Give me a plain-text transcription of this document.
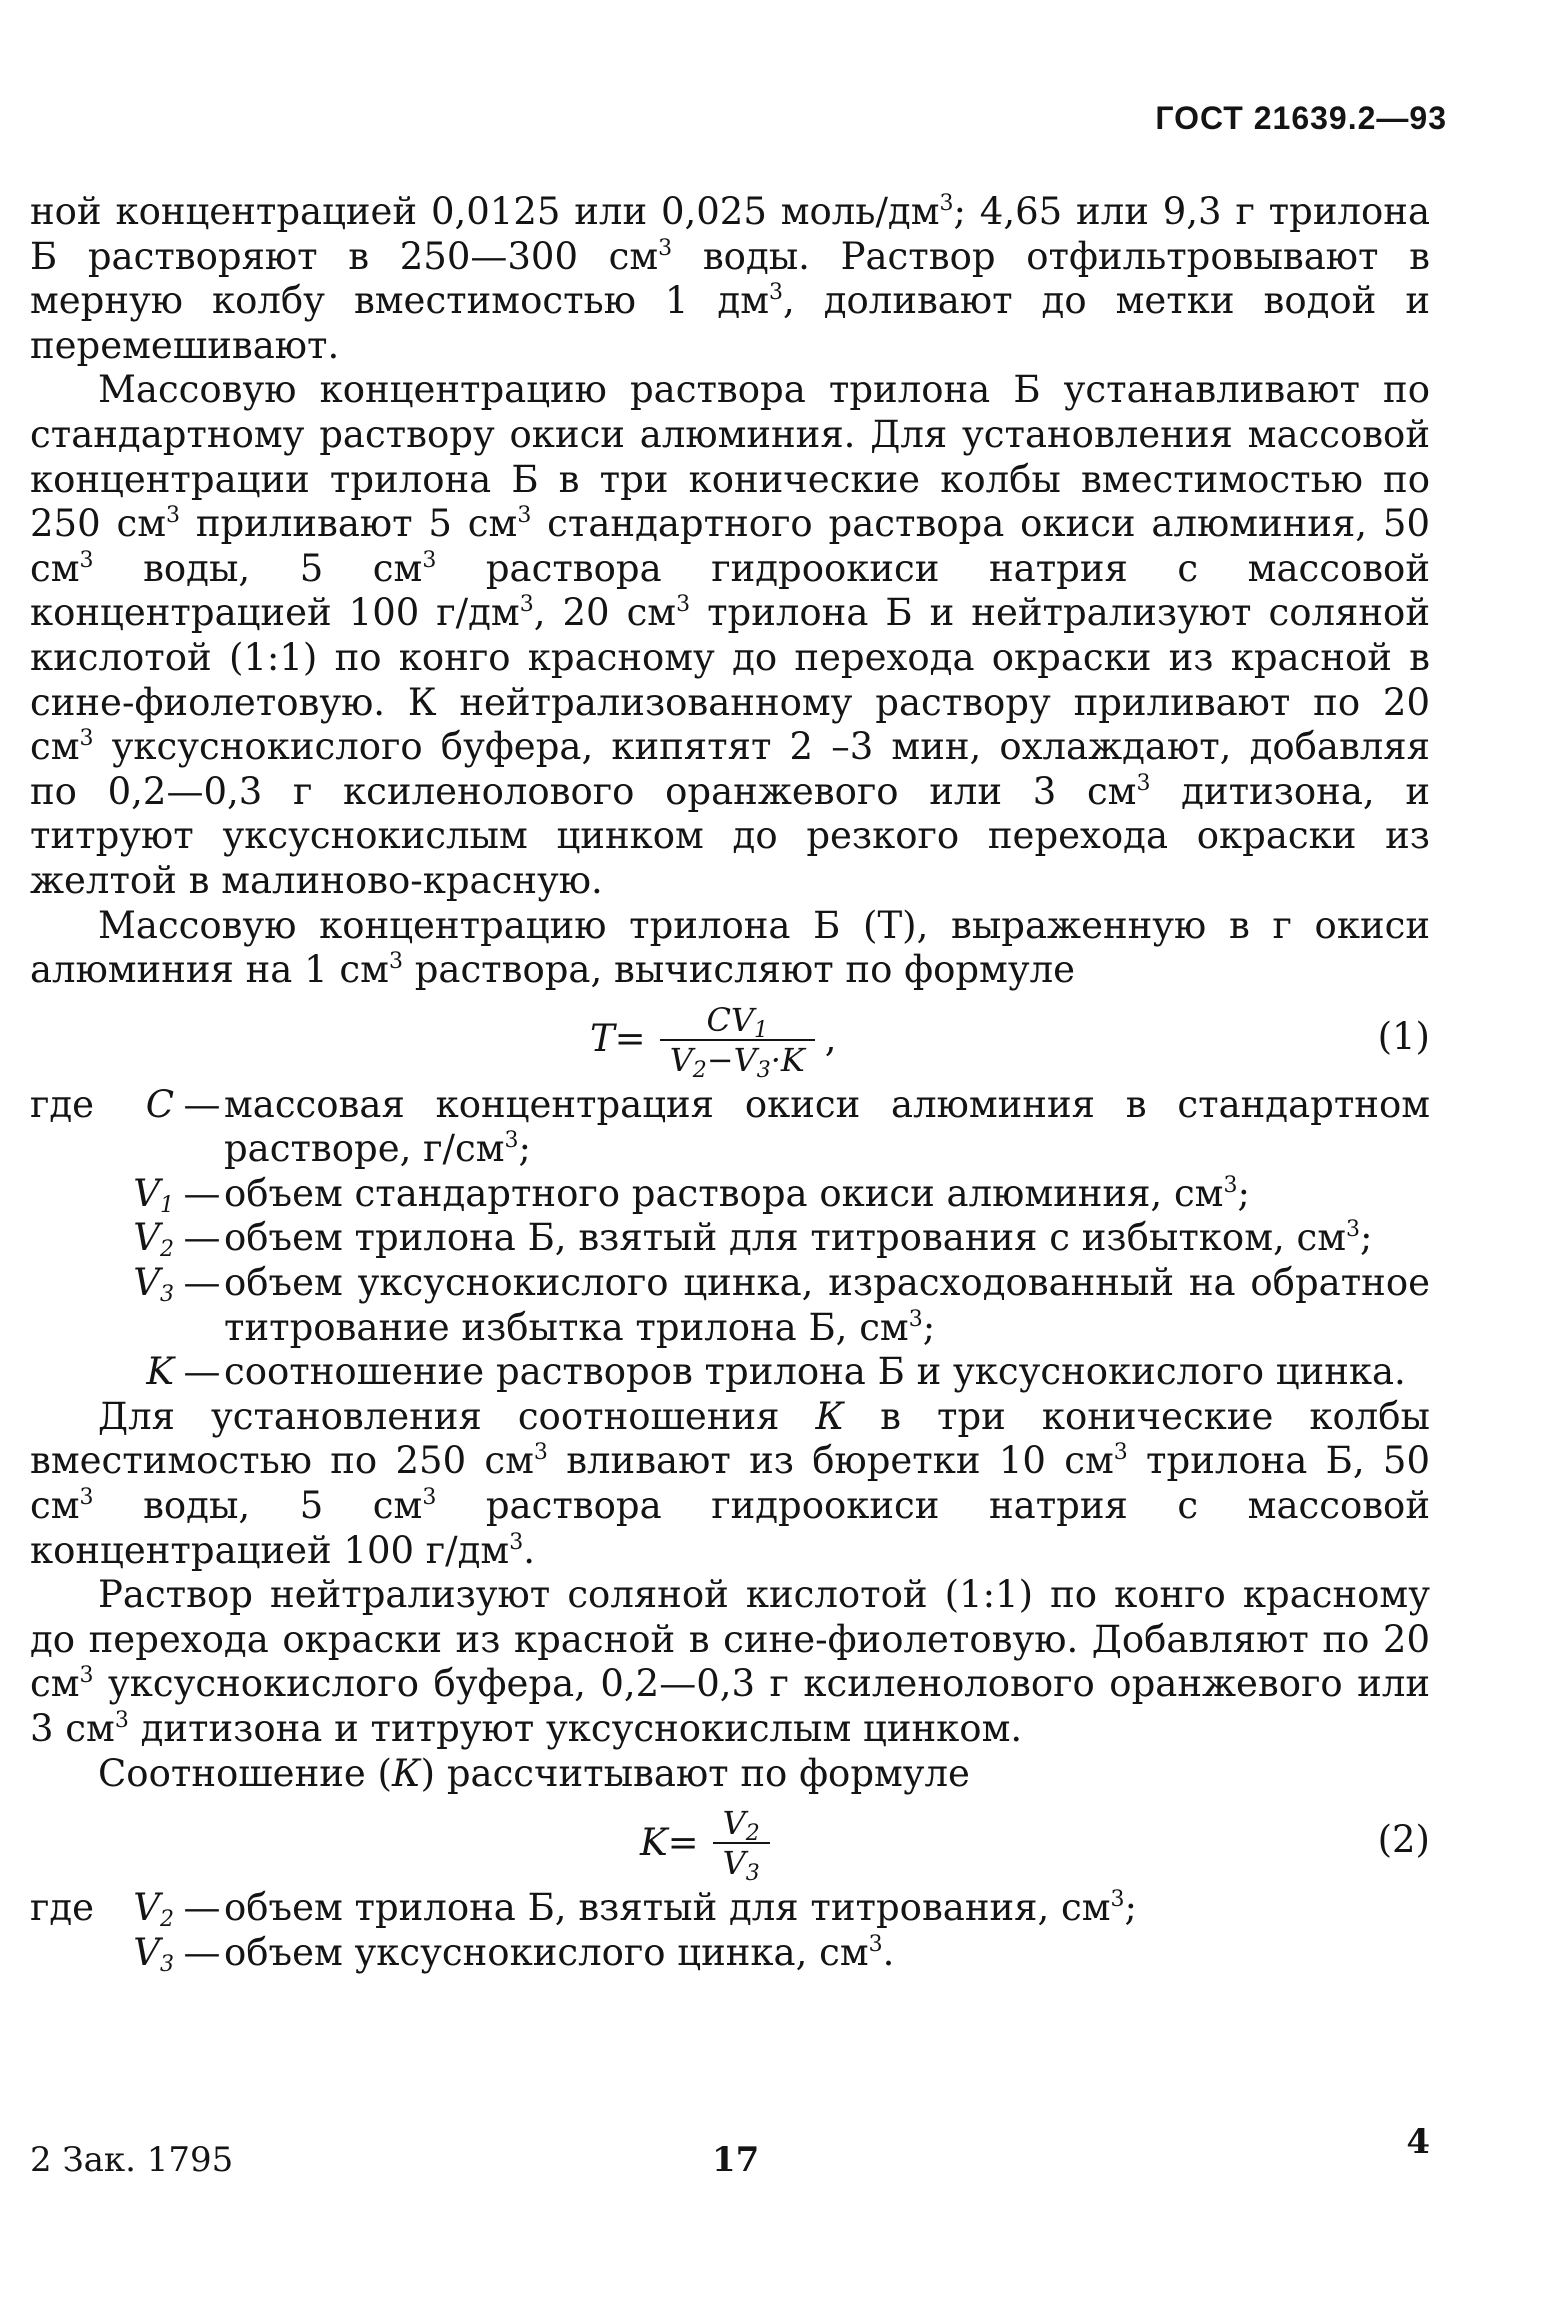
ГОСТ 21639.2—93

ной концентрацией 0,0125 или 0,025 моль/$дм^3$; 4,65 или 9,3 г трилона Б растворяют в 250—300 $см^3$ воды. Раствор отфильтровывают в мерную колбу вместимостью 1 $дм^3$, доливают до метки водой и перемешивают.

Массовую концентрацию раствора трилона Б устанавливают по стандартному раствору окиси алюминия. Для установления массовой концентрации трилона Б в три конические колбы вместимостью по 250 $см^3$ приливают 5 $см^3$ стандартного раствора окиси алюминия, 50 $см^3$ воды, 5 $см^3$ раствора гидроокиси натрия с массовой концентрацией 100 $г/дм^3$, 20 $см^3$ трилона Б и нейтрализуют соляной кислотой (1:1) по конго красному до перехода окраски из красной в сине-фиолетовую. К нейтрализованному раствору приливают по 20 $см^3$ уксуснокислого буфера, кипятят 2 –3 мин, охлаждают, добавляя по 0,2—0,3 г ксиленолового оранжевого или 3 $см^3$ дитизона, и титруют уксуснокислым цинком до резкого перехода окраски из желтой в малиново-красную.

Массовую концентрацию трилона Б (Т), выраженную в г окиси алюминия на 1 $см^3$ раствора, вычисляют по формуле

$T= \frac{CV_1}{V_2-V_3\cdot K}$ ,	(1)
где	C — массовая концентрация окиси алюминия в стандартном растворе, $г/см^3$;
$V_1$ — объем стандартного раствора окиси алюминия, $см^3$;
$V_2$ — объем трилона Б, взятый для титрования с избытком, $см^3$;
$V_3$ — объем уксуснокислого цинка, израсходованный на обратное титрование избытка трилона Б, $см^3$;
K — соотношение растворов трилона Б и уксуснокислого цинка.

Для установления соотношения К в три конические колбы вместимостью по 250 $см^3$ вливают из бюретки 10 $см^3$ трилона Б, 50 $см^3$ воды, 5 $см^3$ раствора гидроокиси натрия с массовой концентрацией 100 $г/дм^3$.

Раствор нейтрализуют соляной кислотой (1:1) по конго красному до перехода окраски из красной в сине-фиолетовую. Добавляют по 20 $см^3$ уксуснокислого буфера, 0,2—0,3 г ксиленолового оранжевого или 3 $см^3$ дитизона и титруют уксуснокислым цинком.

Соотношение (К) рассчитывают по формуле

$K= \frac{V_2}{V_3}$	(2)
где	$V_2$ — объем трилона Б, взятый для титрования, $см^3$;
$V_3$ — объем уксуснокислого цинка, $см^3$.
2 Зак. 1795	17	4
